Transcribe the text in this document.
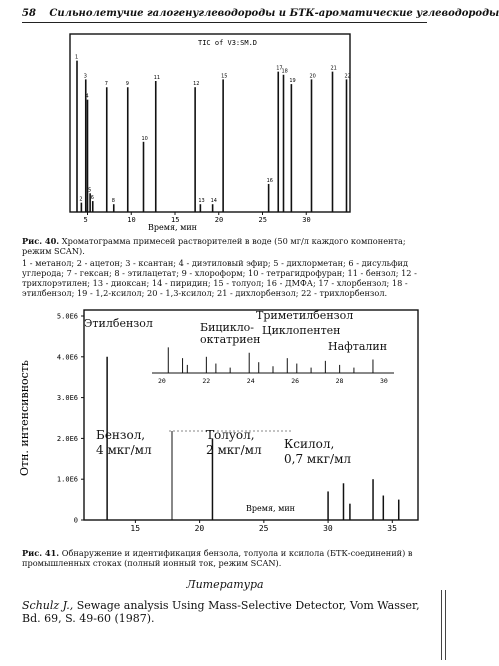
58 Сильнолетучие галогенуглеводороды и БТК-ароматические углеводороды
TIC of V3:SM.D
1
2
3
4
5
6
7
8
9
10
11
12
13 14
15
16
17
18
19
20
21
22
5	10	15	20	25	30
Время, мин
Рис. 40. Хроматограмма примесей растворителей в воде (50 мг/л каждого компонента; режим SCAN).
1 - метанол; 2 - ацетон; 3 - ксантан; 4 - диэтиловый эфир; 5 - дихлорметан; 6 - дисульфид углерода; 7 - гексан; 8 - этилацетат; 9 - хлороформ; 10 - тетрагидрофуран; 11 - бензол; 12 - трихлорэтилен; 13 - диоксан; 14 - пиридин; 15 - толуол; 16 - ДМФА; 17 - хлорбензол; 18 - этилбензол; 19 - 1,2-ксилол; 20 - 1,3-ксилол; 21 - дихлорбензол; 22 - трихлорбензол.
Отн. интенсивность
0
1.0E6
2.0E6
3.0E6
4.0E6
5.0E6
15	20	25	30	35
20	22	24	26	28	30
Время, мин
Этилбензол	Бицикло-
октатриен
Триметилбензол
Циклопентен
Нафталин
Бензол,
4 мкг/мл
Толуол,
2 мкг/мл Ксилол,
0,7 мкг/мл
Рис. 41. Обнаружение и идентификация бензола, толуола и ксилола (БТК-соединений) в промышленных стоках (полный ионный ток, режим SCAN).
Литература
Schulz J., Sewage analysis Using Mass-Selective Detector, Vom Wasser, Bd. 69, S. 49-60 (1987).
